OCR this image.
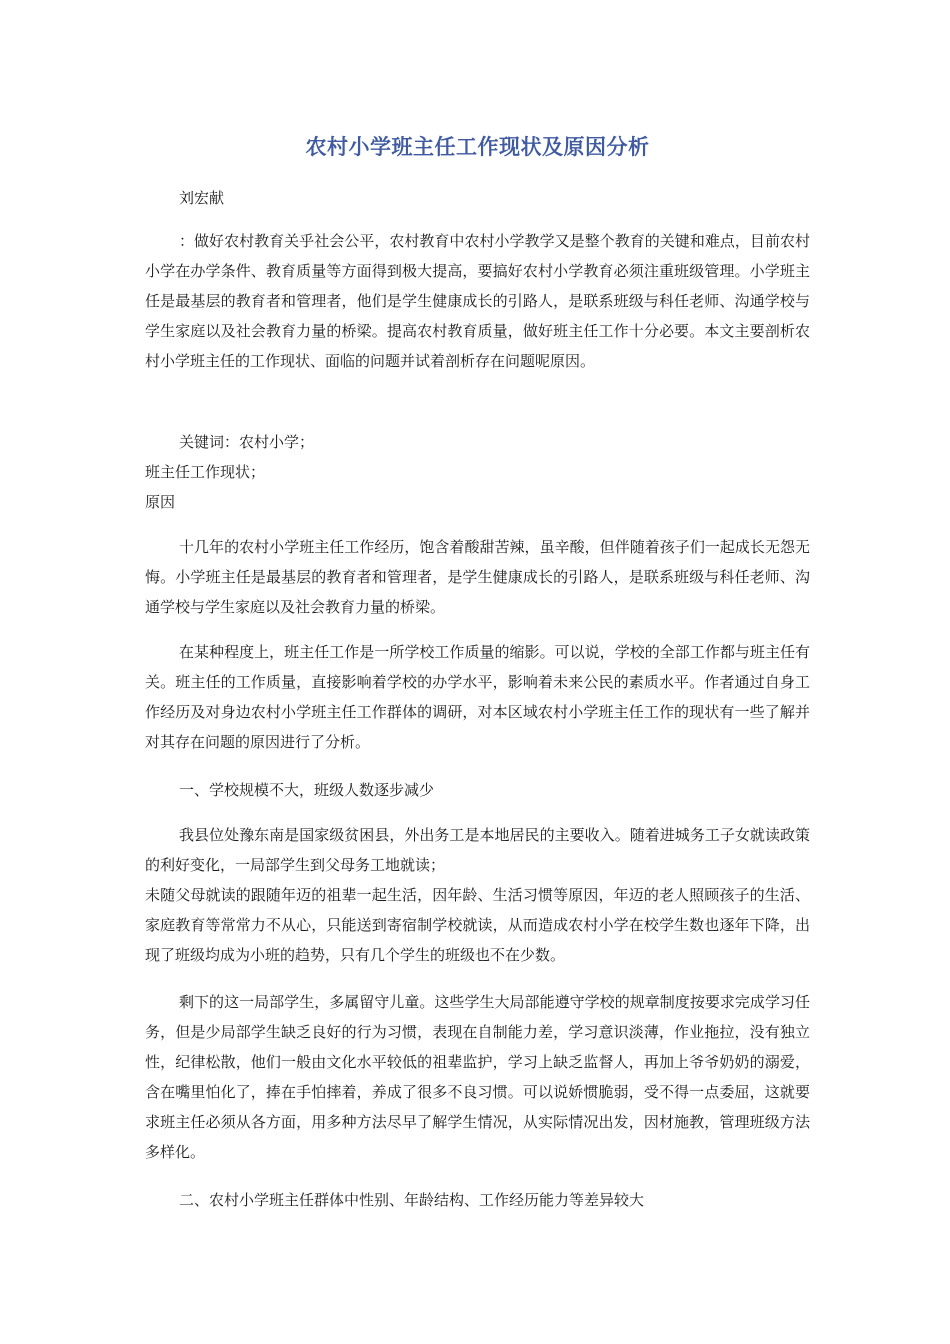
农村小学班主任工作现状及原因分析

刘宏献

：做好农村教育关乎社会公平，农村教育中农村小学教学又是整个教育的关键和难点，目前农村小学在办学条件、教育质量等方面得到极大提高，要搞好农村小学教育必须注重班级管理。小学班主任是最基层的教育者和管理者，他们是学生健康成长的引路人，是联系班级与科任老师、沟通学校与学生家庭以及社会教育力量的桥梁。提高农村教育质量，做好班主任工作十分必要。本文主要剖析农村小学班主任的工作现状、面临的问题并试着剖析存在问题呢原因。

关键词：农村小学；

班主任工作现状；

原因

十几年的农村小学班主任工作经历，饱含着酸甜苦辣，虽辛酸，但伴随着孩子们一起成长无怨无悔。小学班主任是最基层的教育者和管理者，是学生健康成长的引路人，是联系班级与科任老师、沟通学校与学生家庭以及社会教育力量的桥梁。

在某种程度上，班主任工作是一所学校工作质量的缩影。可以说，学校的全部工作都与班主任有关。班主任的工作质量，直接影响着学校的办学水平，影响着未来公民的素质水平。作者通过自身工作经历及对身边农村小学班主任工作群体的调研，对本区域农村小学班主任工作的现状有一些了解并对其存在问题的原因进行了分析。

一、学校规模不大，班级人数逐步减少

我县位处豫东南是国家级贫困县，外出务工是本地居民的主要收入。随着进城务工子女就读政策的利好变化，一局部学生到父母务工地就读；

未随父母就读的跟随年迈的祖辈一起生活，因年龄、生活习惯等原因，年迈的老人照顾孩子的生活、家庭教育等常常力不从心，只能送到寄宿制学校就读，从而造成农村小学在校学生数也逐年下降，出现了班级均成为小班的趋势，只有几个学生的班级也不在少数。

剩下的这一局部学生，多属留守儿童。这些学生大局部能遵守学校的规章制度按要求完成学习任务，但是少局部学生缺乏良好的行为习惯，表现在自制能力差，学习意识淡薄，作业拖拉，没有独立性，纪律松散，他们一般由文化水平较低的祖辈监护，学习上缺乏监督人，再加上爷爷奶奶的溺爱，含在嘴里怕化了，捧在手怕摔着，养成了很多不良习惯。可以说娇惯脆弱，受不得一点委屈，这就要求班主任必须从各方面，用多种方法尽早了解学生情况，从实际情况出发，因材施教，管理班级方法多样化。

二、农村小学班主任群体中性别、年龄结构、工作经历能力等差异较大
